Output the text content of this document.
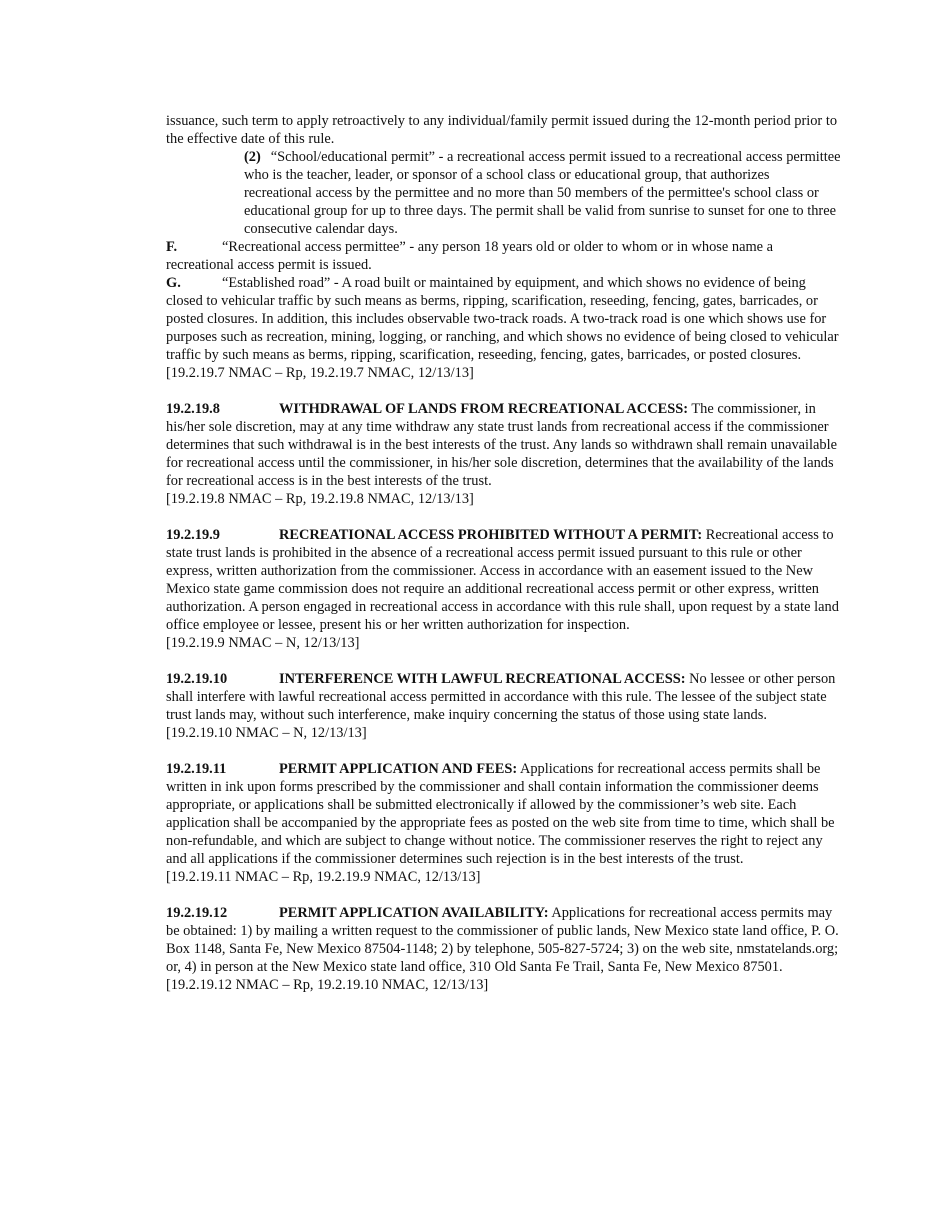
issuance, such term to apply retroactively to any individual/family permit issued during the 12-month period prior to the effective date of this rule.

(2) “School/educational permit” - a recreational access permit issued to a recreational access permittee who is the teacher, leader, or sponsor of a school class or educational group, that authorizes recreational access by the permittee and no more than 50 members of the permittee's school class or educational group for up to three days. The permit shall be valid from sunrise to sunset for one to three consecutive calendar days.

F.	“Recreational access permittee” - any person 18 years old or older to whom or in whose name a recreational access permit is issued.

G.	“Established road” - A road built or maintained by equipment, and which shows no evidence of being closed to vehicular traffic by such means as berms, ripping, scarification, reseeding, fencing, gates, barricades, or posted closures. In addition, this includes observable two-track roads. A two-track road is one which shows use for purposes such as recreation, mining, logging, or ranching, and which shows no evidence of being closed to vehicular traffic by such means as berms, ripping, scarification, reseeding, fencing, gates, barricades, or posted closures.

[19.2.19.7 NMAC – Rp, 19.2.19.7 NMAC, 12/13/13]

19.2.19.8	WITHDRAWAL OF LANDS FROM RECREATIONAL ACCESS: The commissioner, in his/her sole discretion, may at any time withdraw any state trust lands from recreational access if the commissioner determines that such withdrawal is in the best interests of the trust. Any lands so withdrawn shall remain unavailable for recreational access until the commissioner, in his/her sole discretion, determines that the availability of the lands for recreational access is in the best interests of the trust.

[19.2.19.8 NMAC – Rp, 19.2.19.8 NMAC, 12/13/13]

19.2.19.9	RECREATIONAL ACCESS PROHIBITED WITHOUT A PERMIT: Recreational access to state trust lands is prohibited in the absence of a recreational access permit issued pursuant to this rule or other express, written authorization from the commissioner. Access in accordance with an easement issued to the New Mexico state game commission does not require an additional recreational access permit or other express, written authorization. A person engaged in recreational access in accordance with this rule shall, upon request by a state land office employee or lessee, present his or her written authorization for inspection.

[19.2.19.9 NMAC – N, 12/13/13]

19.2.19.10	INTERFERENCE WITH LAWFUL RECREATIONAL ACCESS: No lessee or other person shall interfere with lawful recreational access permitted in accordance with this rule. The lessee of the subject state trust lands may, without such interference, make inquiry concerning the status of those using state lands.

[19.2.19.10 NMAC – N, 12/13/13]

19.2.19.11	PERMIT APPLICATION AND FEES: Applications for recreational access permits shall be written in ink upon forms prescribed by the commissioner and shall contain information the commissioner deems appropriate, or applications shall be submitted electronically if allowed by the commissioner’s web site. Each application shall be accompanied by the appropriate fees as posted on the web site from time to time, which shall be non-refundable, and which are subject to change without notice. The commissioner reserves the right to reject any and all applications if the commissioner determines such rejection is in the best interests of the trust.

[19.2.19.11 NMAC – Rp, 19.2.19.9 NMAC, 12/13/13]

19.2.19.12	PERMIT APPLICATION AVAILABILITY: Applications for recreational access permits may be obtained: 1) by mailing a written request to the commissioner of public lands, New Mexico state land office, P. O. Box 1148, Santa Fe, New Mexico 87504-1148; 2) by telephone, 505-827-5724; 3) on the web site, nmstatelands.org; or, 4) in person at the New Mexico state land office, 310 Old Santa Fe Trail, Santa Fe, New Mexico 87501.

[19.2.19.12 NMAC – Rp, 19.2.19.10 NMAC, 12/13/13]
